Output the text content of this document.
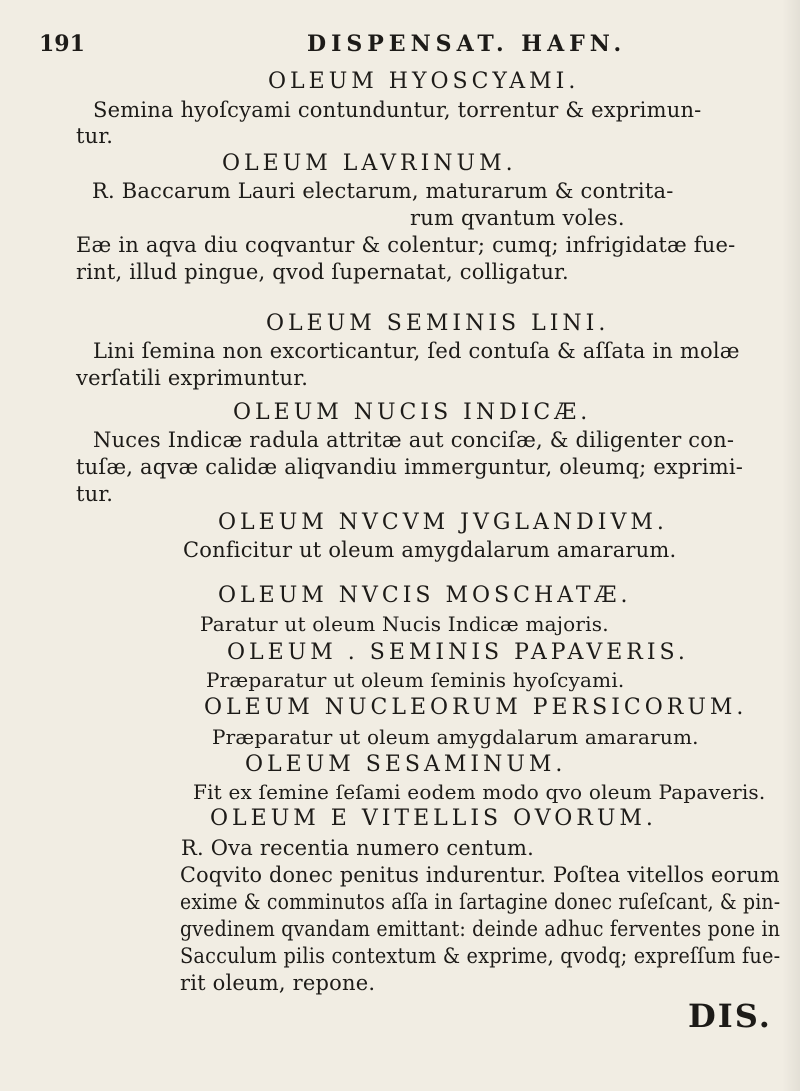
191	DISPENSAT. HAFN.
OLEUM HYOSCYAMI.
Semina hyoſcyami contunduntur, torrentur & exprimun-
tur.
OLEUM LAVRINUM.
R. Baccarum Lauri electarum, maturarum & contrita-
rum qvantum voles.
Eæ in aqva diu coqvantur & colentur; cumq; infrigidatæ fue-
rint, illud pingue, qvod ſupernatat, colligatur.
OLEUM SEMINIS LINI.
Lini ſemina non excorticantur, ſed contuſa & aſſata in molæ
verſatili exprimuntur.
OLEUM NUCIS INDICÆ.
Nuces Indicæ radula attritæ aut conciſæ, & diligenter con-
tuſæ, aqvæ calidæ aliqvandiu immerguntur, oleumq; exprimi-
tur.
OLEUM NVCVM JVGLANDIVM.
Conficitur ut oleum amygdalarum amararum.
OLEUM NVCIS MOSCHATÆ.
Paratur ut oleum Nucis Indicæ majoris.
OLEUM . SEMINIS PAPAVERIS.
Præparatur ut oleum ſeminis hyoſcyami.
OLEUM NUCLEORUM PERSICORUM.
Præparatur ut oleum amygdalarum amararum.
OLEUM SESAMINUM.
Fit ex ſemine ſeſami eodem modo qvo oleum Papaveris.
OLEUM E VITELLIS OVORUM.
R. Ova recentia numero centum.
Coqvito donec penitus indurentur. Poſtea vitellos eorum
exime & comminutos aſſa in ſartagine donec ruſeſcant, & pin-
gvedinem qvandam emittant: deinde adhuc ferventes pone in
Sacculum pilis contextum & exprime, qvodq; expreſſum fue-
rit oleum, repone.
DIS.
